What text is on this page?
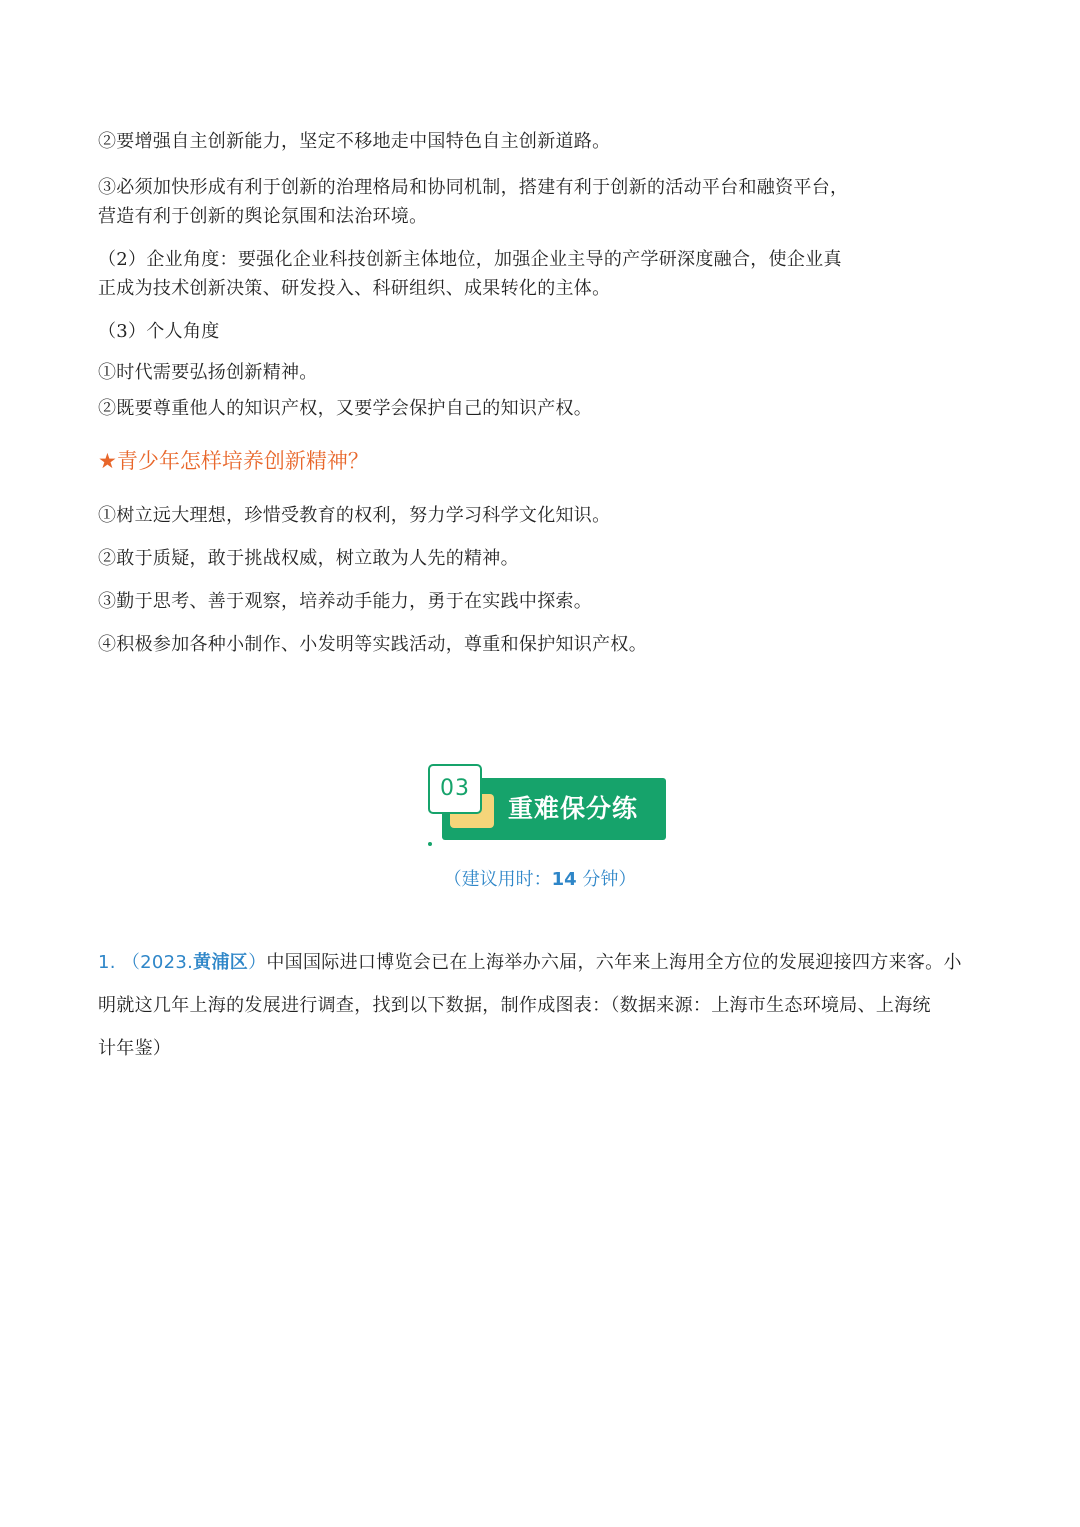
②要增强自主创新能力，坚定不移地走中国特色自主创新道路。
③必须加快形成有利于创新的治理格局和协同机制，搭建有利于创新的活动平台和融资平台，
营造有利于创新的舆论氛围和法治环境。
（2）企业角度：要强化企业科技创新主体地位，加强企业主导的产学研深度融合，使企业真
正成为技术创新决策、研发投入、科研组织、成果转化的主体。
（3）个人角度
①时代需要弘扬创新精神。
②既要尊重他人的知识产权，又要学会保护自己的知识产权。
★青少年怎样培养创新精神？
①树立远大理想，珍惜受教育的权利，努力学习科学文化知识。
②敢于质疑，敢于挑战权威，树立敢为人先的精神。
③勤于思考、善于观察，培养动手能力，勇于在实践中探索。
④积极参加各种小制作、小发明等实践活动，尊重和保护知识产权。
03
重难保分练
（建议用时：14 分钟）
1. （2023.黄浦区）中国国际进口博览会已在上海举办六届，六年来上海用全方位的发展迎接四方来客。小
明就这几年上海的发展进行调查，找到以下数据，制作成图表：（数据来源：上海市生态环境局、上海统
计年鉴）
